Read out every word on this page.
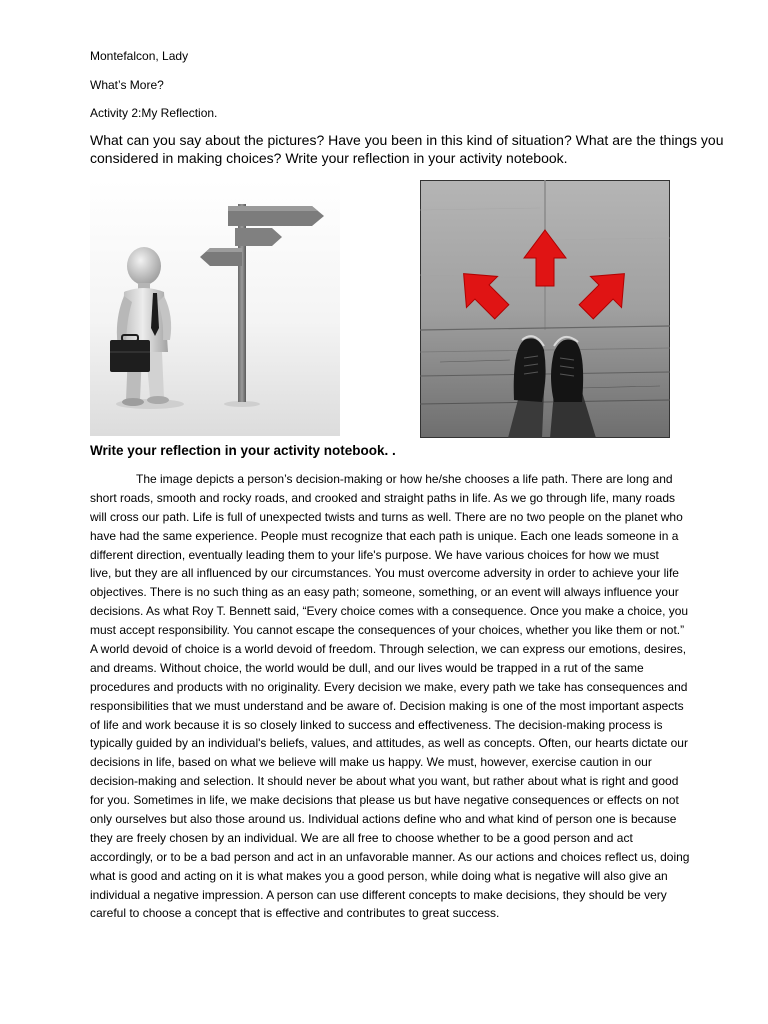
Montefalcon, Lady
What’s More?
Activity 2:My Reflection.
What can you say about the pictures? Have you been in this kind of situation? What are the things you considered in making choices? Write your reflection in your activity notebook.
Write your reflection in your activity notebook. .
The image depicts a person’s decision-making or how he/she chooses a life path. There are long and
short roads, smooth and rocky roads, and crooked and straight paths in life. As we go through life, many roads
will cross our path. Life is full of unexpected twists and turns as well. There are no two people on the planet who
have had the same experience. People must recognize that each path is unique. Each one leads someone in a
different direction, eventually leading them to your life's purpose. We have various choices for how we must
live, but they are all influenced by our circumstances. You must overcome adversity in order to achieve your life
objectives. There is no such thing as an easy path; someone, something, or an event will always influence your
decisions. As what Roy T. Bennett said, “Every choice comes with a consequence. Once you make a choice, you
must accept responsibility. You cannot escape the consequences of your choices, whether you like them or not.”
A world devoid of choice is a world devoid of freedom. Through selection, we can express our emotions, desires,
and dreams. Without choice, the world would be dull, and our lives would be trapped in a rut of the same
procedures and products with no originality. Every decision we make, every path we take has consequences and
responsibilities that we must understand and be aware of. Decision making is one of the most important aspects
of life and work because it is so closely linked to success and effectiveness. The decision-making process is
typically guided by an individual's beliefs, values, and attitudes, as well as concepts. Often, our hearts dictate our
decisions in life, based on what we believe will make us happy. We must, however, exercise caution in our
decision-making and selection. It should never be about what you want, but rather about what is right and good
for you. Sometimes in life, we make decisions that please us but have negative consequences or effects on not
only ourselves but also those around us. Individual actions define who and what kind of person one is because
they are freely chosen by an individual. We are all free to choose whether to be a good person and act
accordingly, or to be a bad person and act in an unfavorable manner. As our actions and choices reflect us, doing
what is good and acting on it is what makes you a good person, while doing what is negative will also give an
individual a negative impression. A person can use different concepts to make decisions, they should be very
careful to choose a concept that is effective and contributes to great success.
